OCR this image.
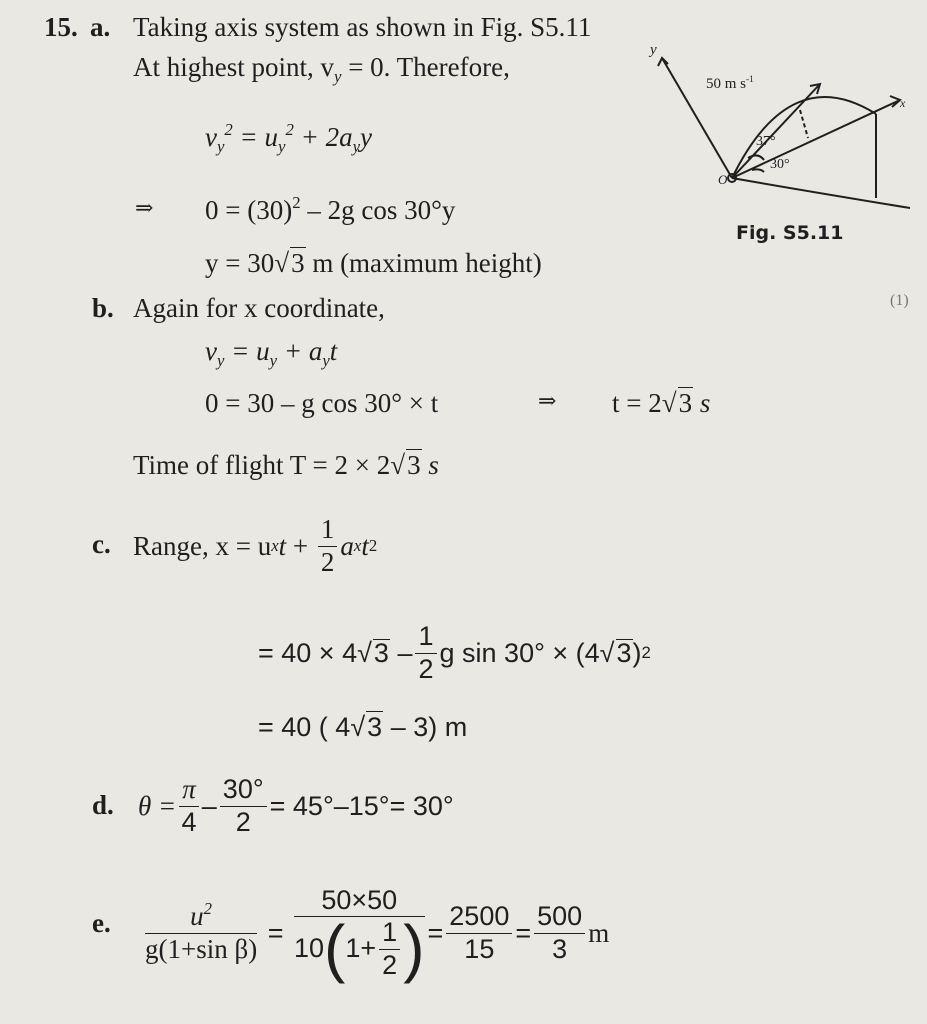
15. a. Taking axis system as shown in Fig. S5.11
At highest point, $v_y = 0$. Therefore,
$v_y^2 = u_y^2 + 2a_yy$
⇒ $0 = (30)^2 - 2g$ cos 30°y
y = 30√3 m (maximum height)
50 m $s^{-1}$
y
x
37°
30°
O
Fig. S5.11
(1)
b. Again for x coordinate,
$v_y = u_y + a_yt$
0 = 30 – g cos 30° × t	⇒ t = 2√3 s
Time of flight T = 2 × 2√3 s
c. Range, x = u x $t + \frac{1}{2}$ a x t 2
= 40 × 4 √ $3 - \frac{1}{2}$ g sin 30° × (4 √ 3 ) 2
= 40 ( 4√3 – 3) m
d. $\theta = \frac{\pi}{4} - \frac{30^\circ}{2} = 45^\circ-15^\circ= 30^\circ$
e. $\frac{u^2}{\text{g(1+sin β)}} = \frac{50\times 50}{10 ( 1+ \frac{1}{2} )} = \frac{2500}{15} = \frac{500}{3}$ m
